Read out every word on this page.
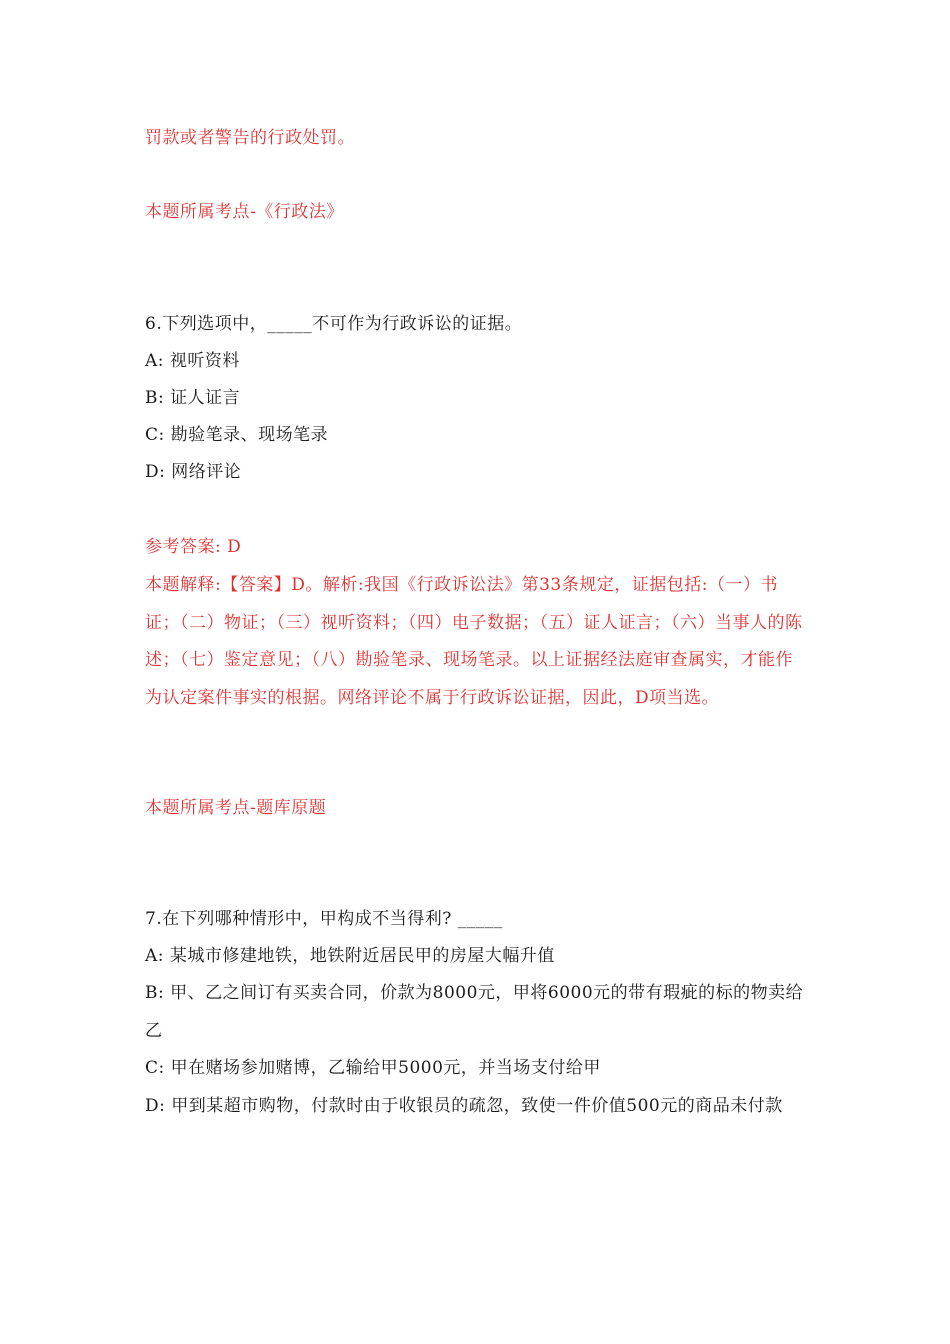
罚款或者警告的行政处罚。
本题所属考点-《行政法》
6.下列选项中，_____不可作为行政诉讼的证据。
A: 视听资料
B: 证人证言
C: 勘验笔录、现场笔录
D: 网络评论
参考答案: D
本题解释:【答案】D。解析:我国《行政诉讼法》第33条规定，证据包括:（一）书证；（二）物证；（三）视听资料；（四）电子数据；（五）证人证言；（六）当事人的陈述；（七）鉴定意见；（八）勘验笔录、现场笔录。以上证据经法庭审查属实，才能作为认定案件事实的根据。网络评论不属于行政诉讼证据，因此，D项当选。
本题所属考点-题库原题
7.在下列哪种情形中，甲构成不当得利? _____
A: 某城市修建地铁，地铁附近居民甲的房屋大幅升值
B: 甲、乙之间订有买卖合同，价款为8000元，甲将6000元的带有瑕疵的标的物卖给乙
C: 甲在赌场参加赌博，乙输给甲5000元，并当场支付给甲
D: 甲到某超市购物，付款时由于收银员的疏忽，致使一件价值500元的商品未付款
